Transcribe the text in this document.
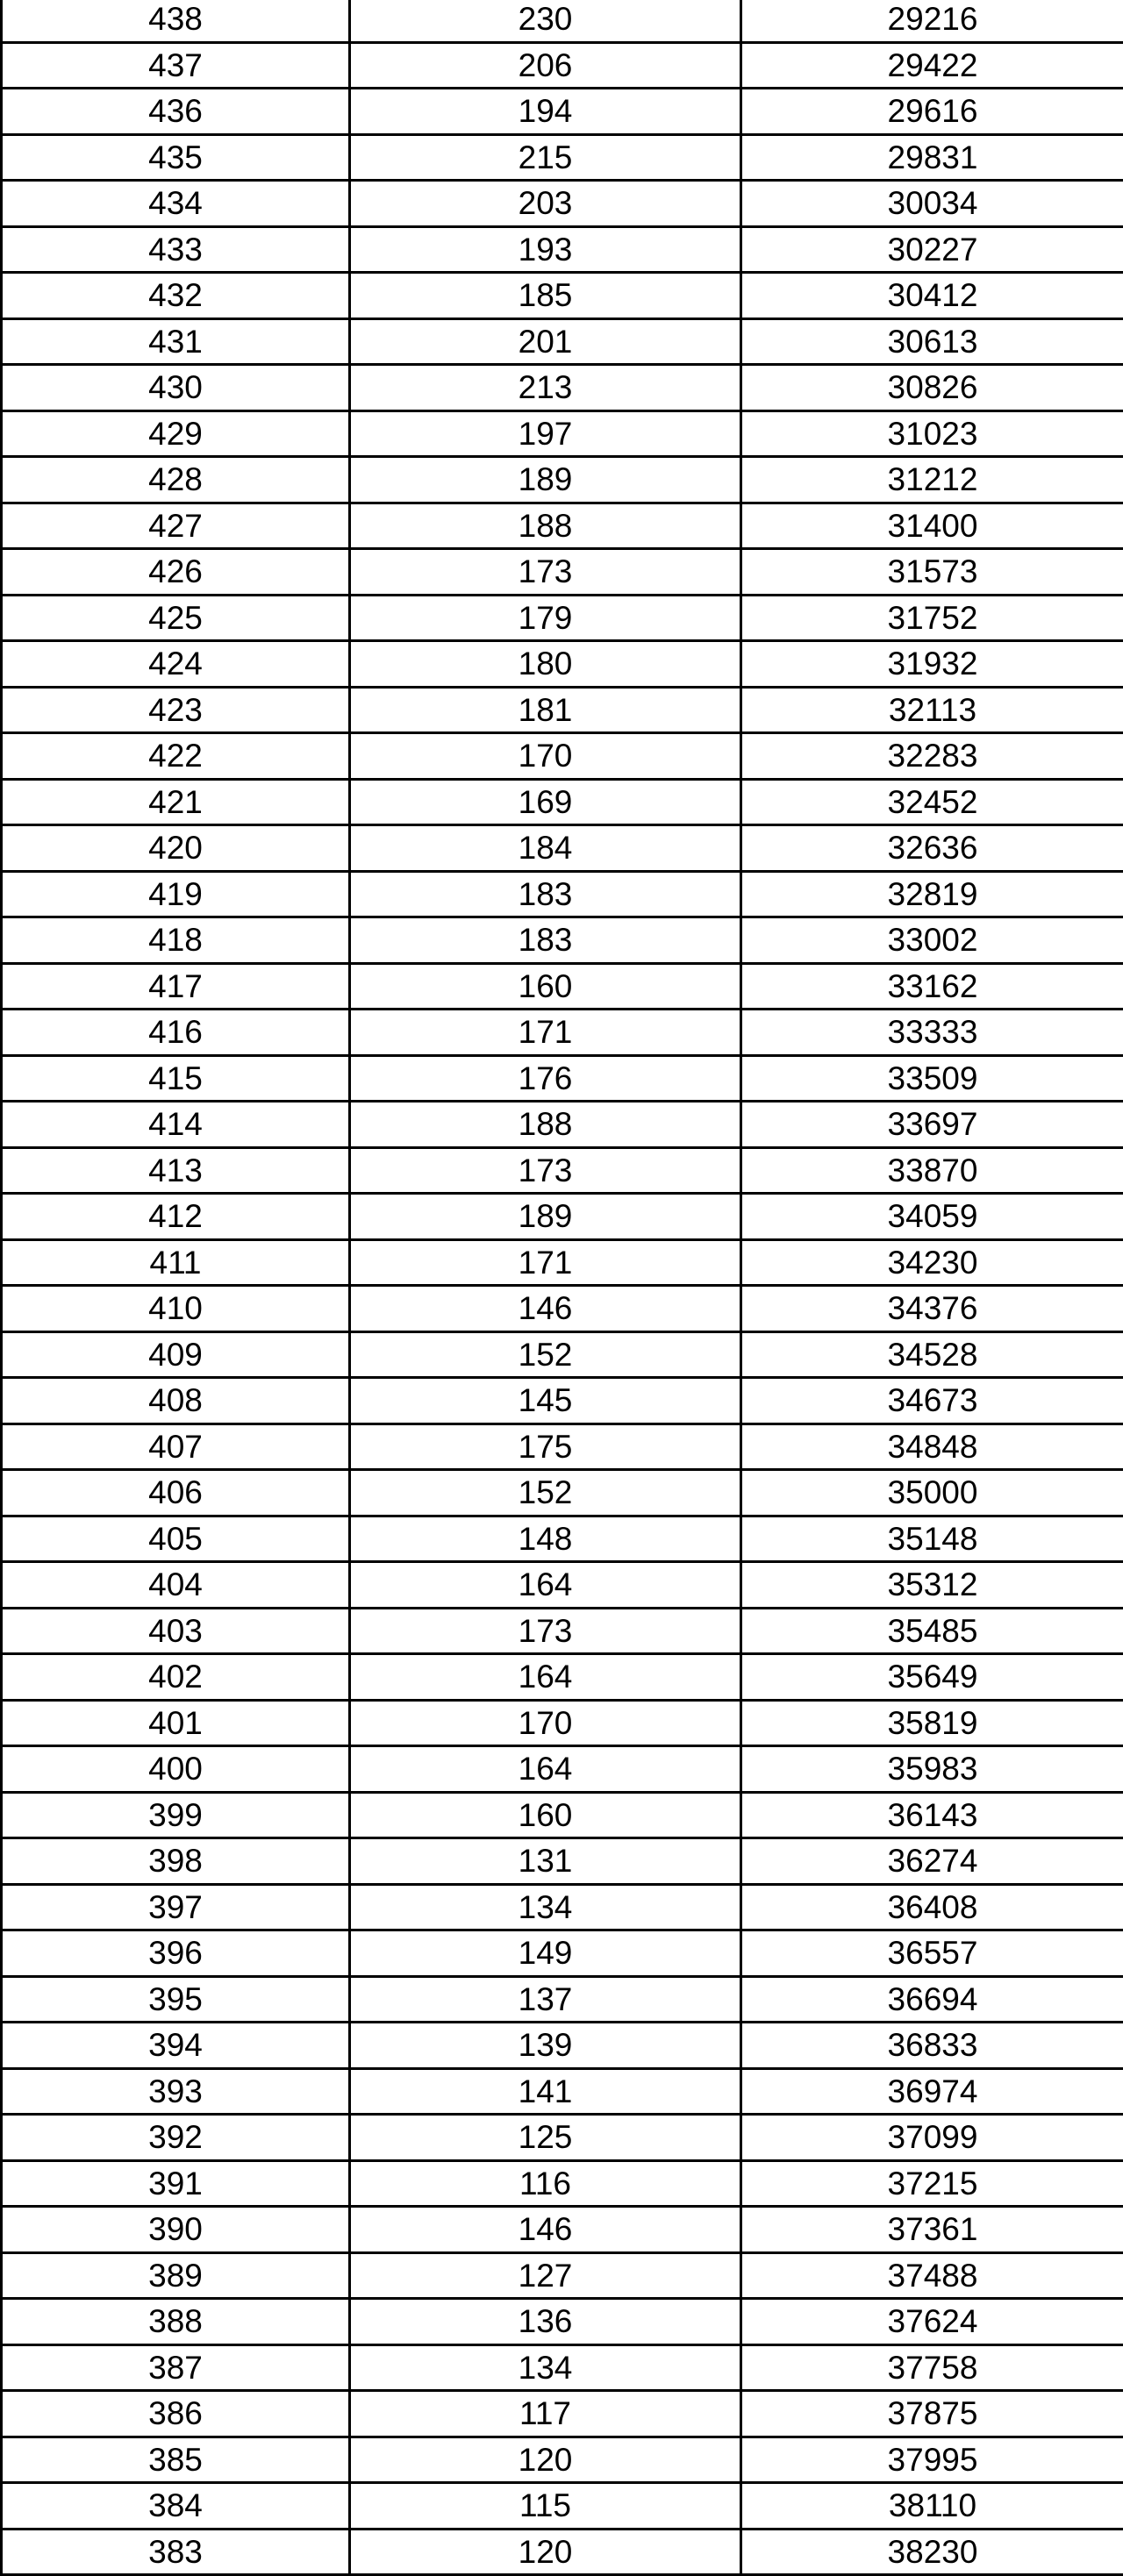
438	230	29216
437	206	29422
436	194	29616
435	215	29831
434	203	30034
433	193	30227
432	185	30412
431	201	30613
430	213	30826
429	197	31023
428	189	31212
427	188	31400
426	173	31573
425	179	31752
424	180	31932
423	181	32113
422	170	32283
421	169	32452
420	184	32636
419	183	32819
418	183	33002
417	160	33162
416	171	33333
415	176	33509
414	188	33697
413	173	33870
412	189	34059
411	171	34230
410	146	34376
409	152	34528
408	145	34673
407	175	34848
406	152	35000
405	148	35148
404	164	35312
403	173	35485
402	164	35649
401	170	35819
400	164	35983
399	160	36143
398	131	36274
397	134	36408
396	149	36557
395	137	36694
394	139	36833
393	141	36974
392	125	37099
391	116	37215
390	146	37361
389	127	37488
388	136	37624
387	134	37758
386	117	37875
385	120	37995
384	115	38110
383	120	38230
